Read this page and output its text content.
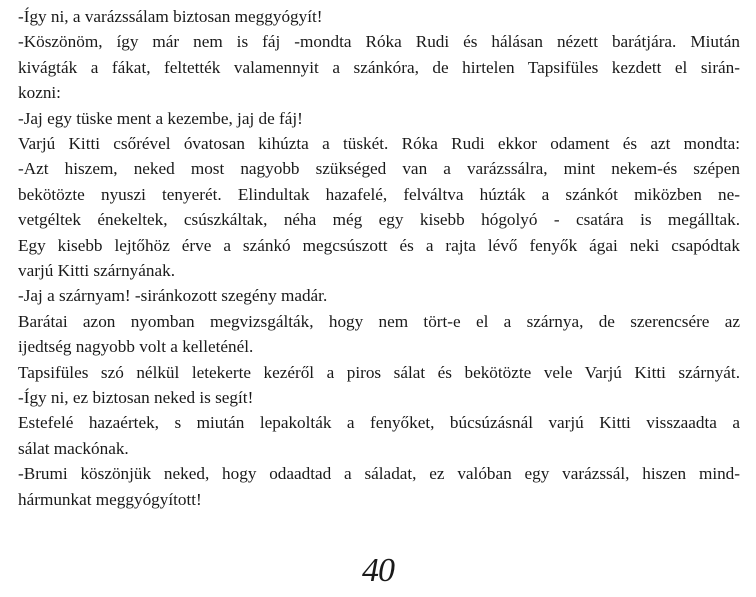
-Így ni, a varázssálam biztosan meggyógyít!
-Köszönöm, így már nem is fáj -mondta Róka Rudi és hálásan nézett barátjára. Miután
kivágták a fákat, feltették valamennyit a szánkóra, de hirtelen Tapsifüles kezdett el sirán-
kozni:
-Jaj egy tüske ment a kezembe, jaj de fáj!
Varjú Kitti csőrével óvatosan kihúzta a tüskét. Róka Rudi ekkor odament és azt mondta:
-Azt hiszem, neked most nagyobb szükséged van a varázssálra, mint nekem-és szépen
bekötözte nyuszi tenyerét. Elindultak hazafelé, felváltva húzták a szánkót miközben ne-
vetgéltek énekeltek, csúszkáltak, néha még egy kisebb hógolyó - csatára is megálltak.
Egy kisebb lejtőhöz érve a szánkó megcsúszott és a rajta lévő fenyők ágai neki csapódtak
varjú Kitti szárnyának.
-Jaj a szárnyam! -siránkozott szegény madár.
Barátai azon nyomban megvizsgálták, hogy nem tört-e el a szárnya, de szerencsére az
ijedtség nagyobb volt a kelleténél.
Tapsifüles szó nélkül letekerte kezéről a piros sálat és bekötözte vele Varjú Kitti szárnyát.
-Így ni, ez biztosan neked is segít!
Estefelé hazaértek, s miután lepakolták a fenyőket, búcsúzásnál varjú Kitti visszaadta a
sálat mackónak.
-Brumi köszönjük neked, hogy odaadtad a sáladat, ez valóban egy varázssál, hiszen mind-
hármunkat meggyógyított!
40
